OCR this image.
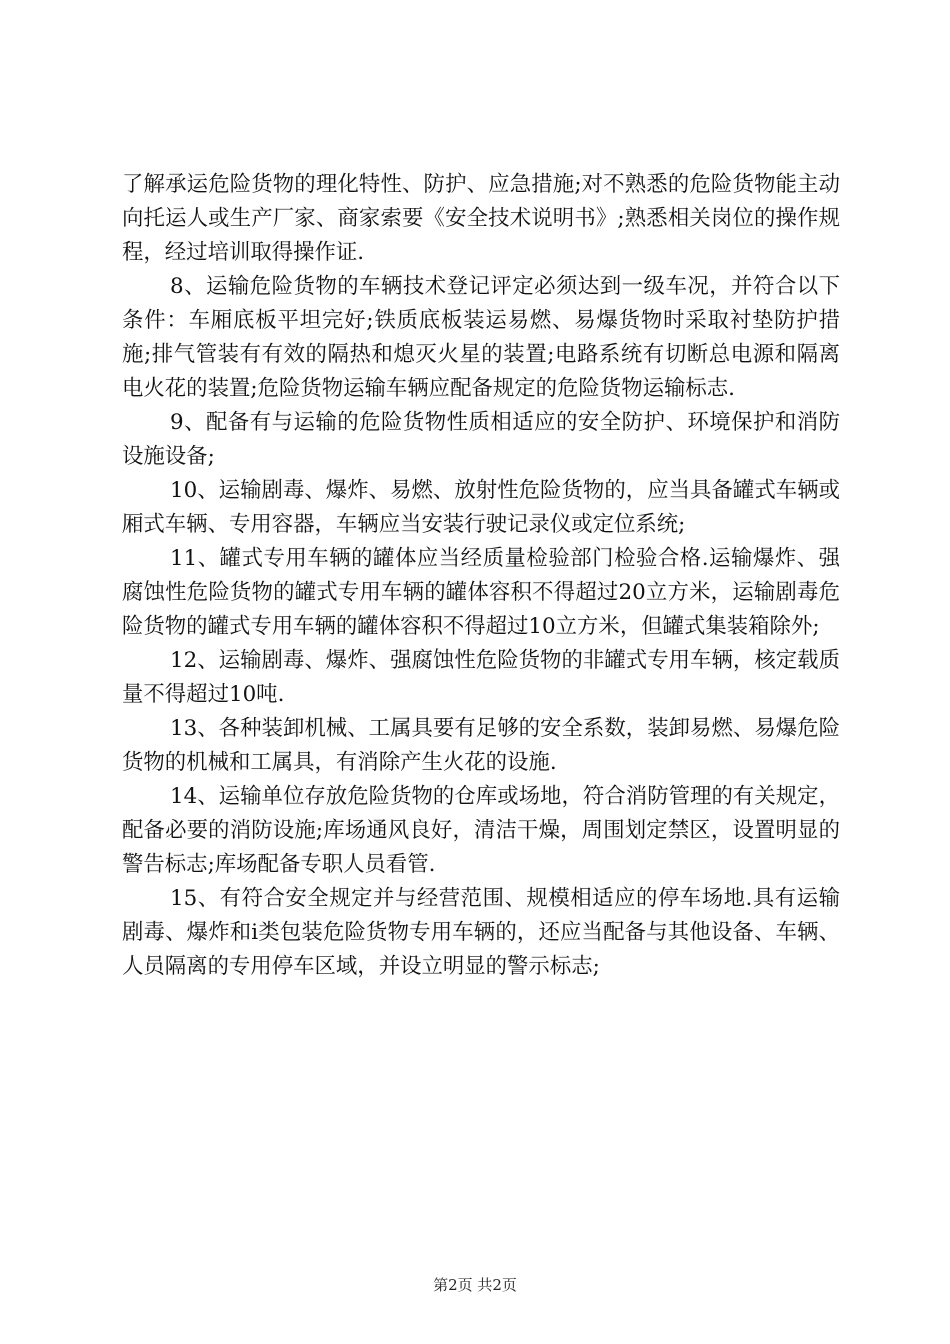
了解承运危险货物的理化特性、防护、应急措施;对不熟悉的危险货物能主动向托运人或生产厂家、商家索要《安全技术说明书》;熟悉相关岗位的操作规程，经过培训取得操作证.

8、运输危险货物的车辆技术登记评定必须达到一级车况，并符合以下条件：车厢底板平坦完好;铁质底板装运易燃、易爆货物时采取衬垫防护措施;排气管装有有效的隔热和熄灭火星的装置;电路系统有切断总电源和隔离电火花的装置;危险货物运输车辆应配备规定的危险货物运输标志.

9、配备有与运输的危险货物性质相适应的安全防护、环境保护和消防设施设备;

10、运输剧毒、爆炸、易燃、放射性危险货物的，应当具备罐式车辆或厢式车辆、专用容器，车辆应当安装行驶记录仪或定位系统;

11、罐式专用车辆的罐体应当经质量检验部门检验合格.运输爆炸、强腐蚀性危险货物的罐式专用车辆的罐体容积不得超过20立方米，运输剧毒危险货物的罐式专用车辆的罐体容积不得超过10立方米，但罐式集装箱除外;

12、运输剧毒、爆炸、强腐蚀性危险货物的非罐式专用车辆，核定载质量不得超过10吨.

13、各种装卸机械、工属具要有足够的安全系数，装卸易燃、易爆危险货物的机械和工属具，有消除产生火花的设施.

14、运输单位存放危险货物的仓库或场地，符合消防管理的有关规定，配备必要的消防设施;库场通风良好，清洁干燥，周围划定禁区，设置明显的警告标志;库场配备专职人员看管.

15、有符合安全规定并与经营范围、规模相适应的停车场地.具有运输剧毒、爆炸和ⅰ类包装危险货物专用车辆的，还应当配备与其他设备、车辆、人员隔离的专用停车区域，并设立明显的警示标志;

第2页 共2页
